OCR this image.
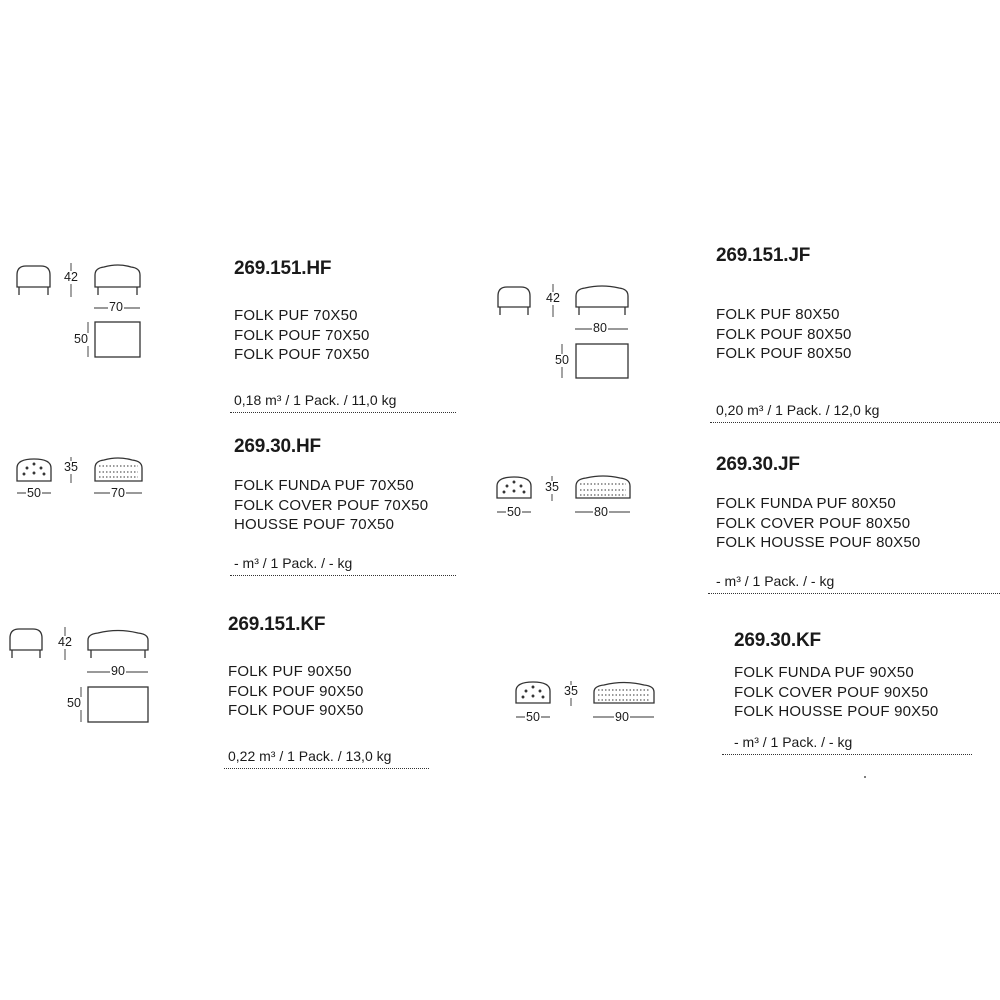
42
70
50
269.151.HF
FOLK PUF 70X50
FOLK POUF 70X50
FOLK POUF 70X50
0,18 m³ / 1 Pack. / 11,0 kg
35
50	70
269.30.HF
FOLK FUNDA PUF 70X50
FOLK COVER POUF 70X50
HOUSSE POUF 70X50
- m³ / 1 Pack. / - kg
42
90
50
269.151.KF
FOLK PUF 90X50
FOLK POUF 90X50
FOLK POUF 90X50
0,22 m³ / 1 Pack. / 13,0 kg
42
80
50
269.151.JF
FOLK PUF 80X50
FOLK POUF 80X50
FOLK POUF 80X50
0,20 m³ / 1 Pack. / 12,0 kg
35
50	80
269.30.JF
FOLK FUNDA PUF 80X50
FOLK COVER POUF 80X50
FOLK HOUSSE POUF 80X50
- m³ / 1 Pack. / - kg
35
50	90
269.30.KF
FOLK FUNDA PUF 90X50
FOLK COVER POUF 90X50
FOLK HOUSSE POUF 90X50
- m³ / 1 Pack. / - kg
